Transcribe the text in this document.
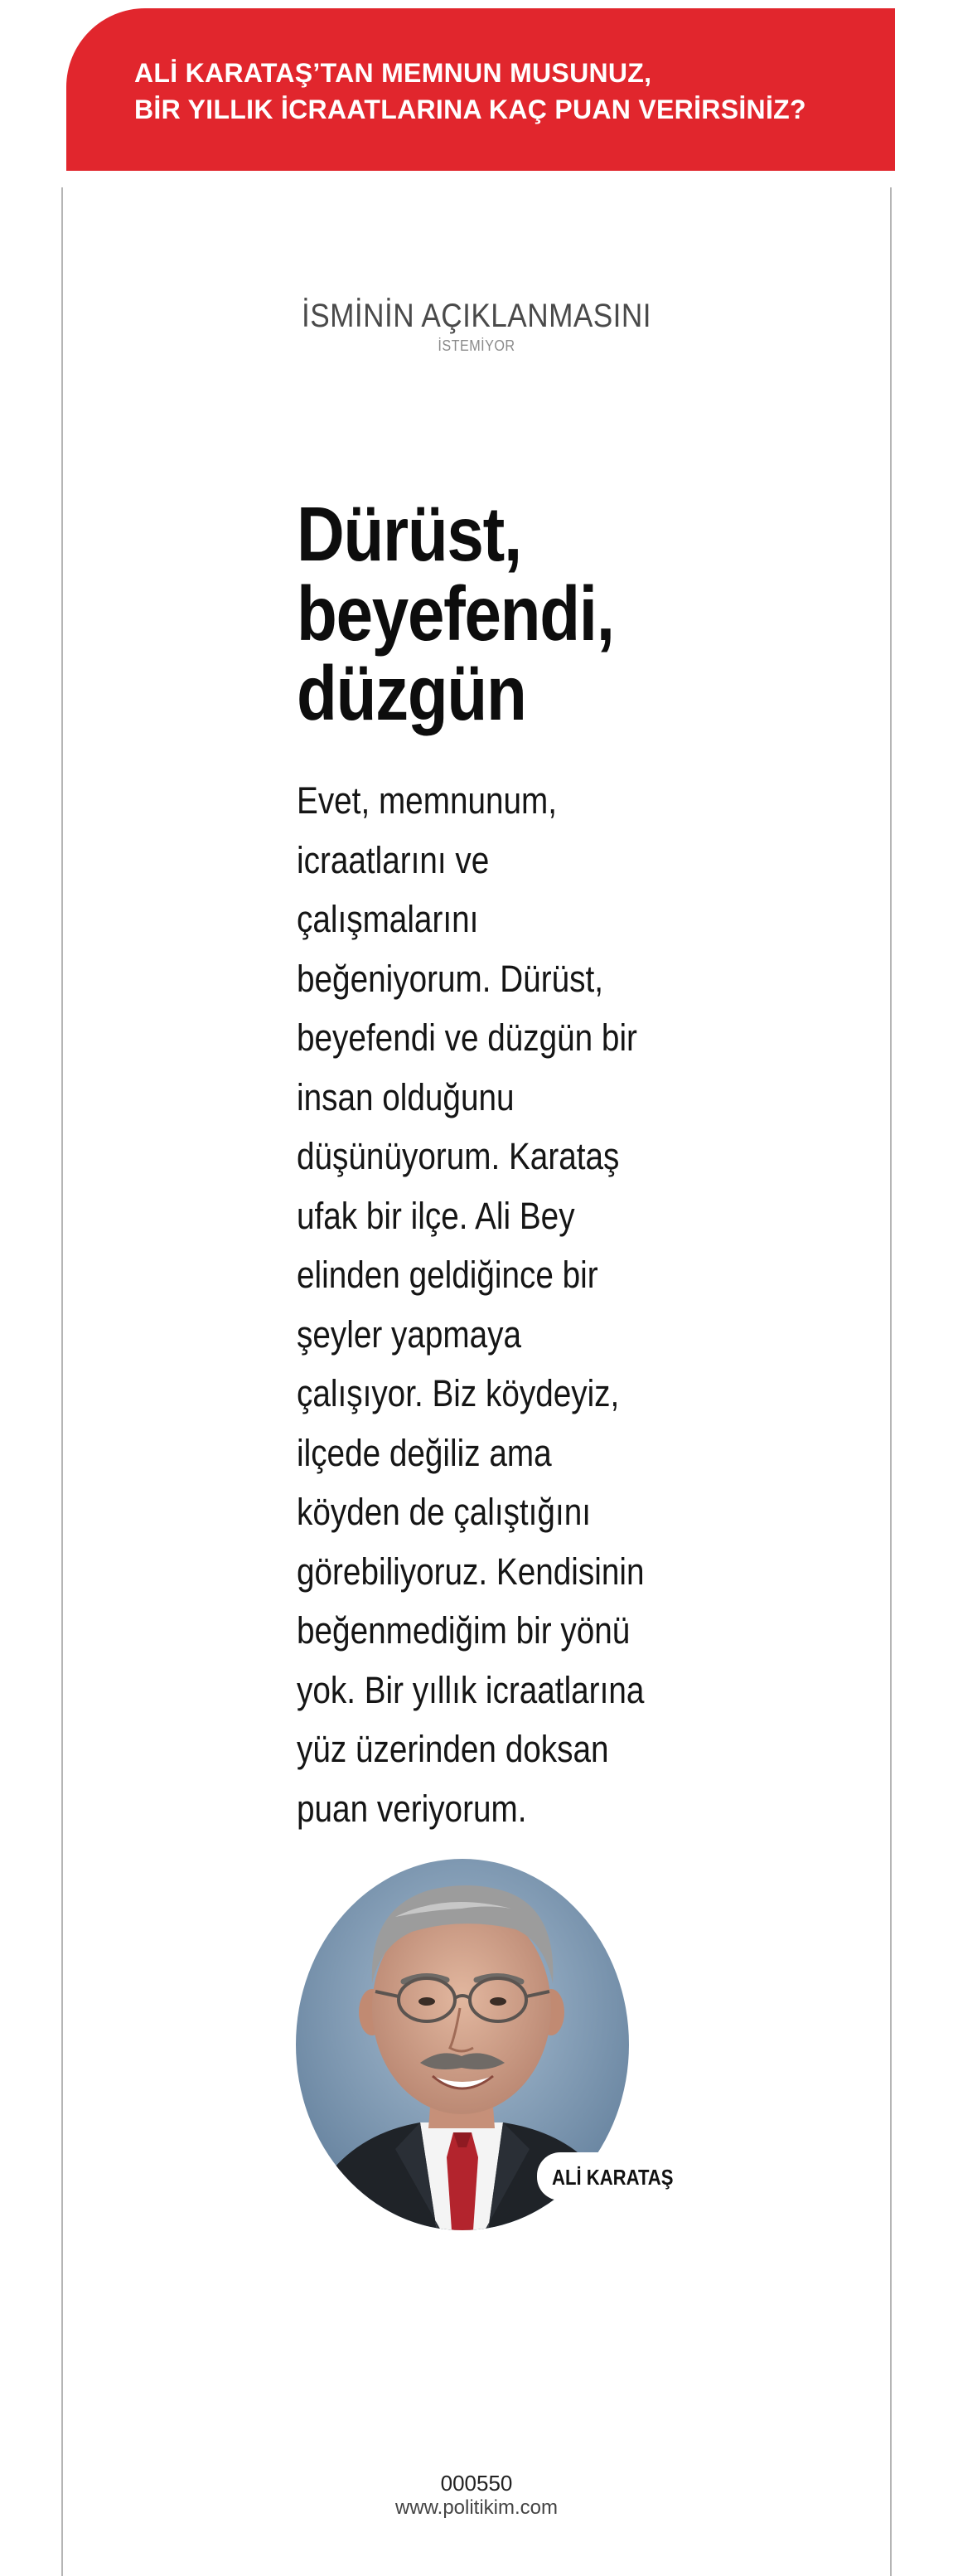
ALİ KARATAŞ’TAN MEMNUN MUSUNUZ,
BİR YILLIK İCRAATLARINA KAÇ PUAN VERİRSİNİZ?
İSMİNİN AÇIKLANMASINI
İSTEMİYOR
Dürüst,
beyefendi,
düzgün

Evet, memnunum,
icraatlarını ve
çalışmalarını
beğeniyorum. Dürüst,
beyefendi ve düzgün bir
insan olduğunu
düşünüyorum. Karataş
ufak bir ilçe. Ali Bey
elinden geldiğince bir
şeyler yapmaya
çalışıyor. Biz köydeyiz,
ilçede değiliz ama
köyden de çalıştığını
görebiliyoruz. Kendisinin
beğenmediğim bir yönü
yok. Bir yıllık icraatlarına
yüz üzerinden doksan
puan veriyorum.

ALİ KARATAŞ
000550
www.politikim.com
